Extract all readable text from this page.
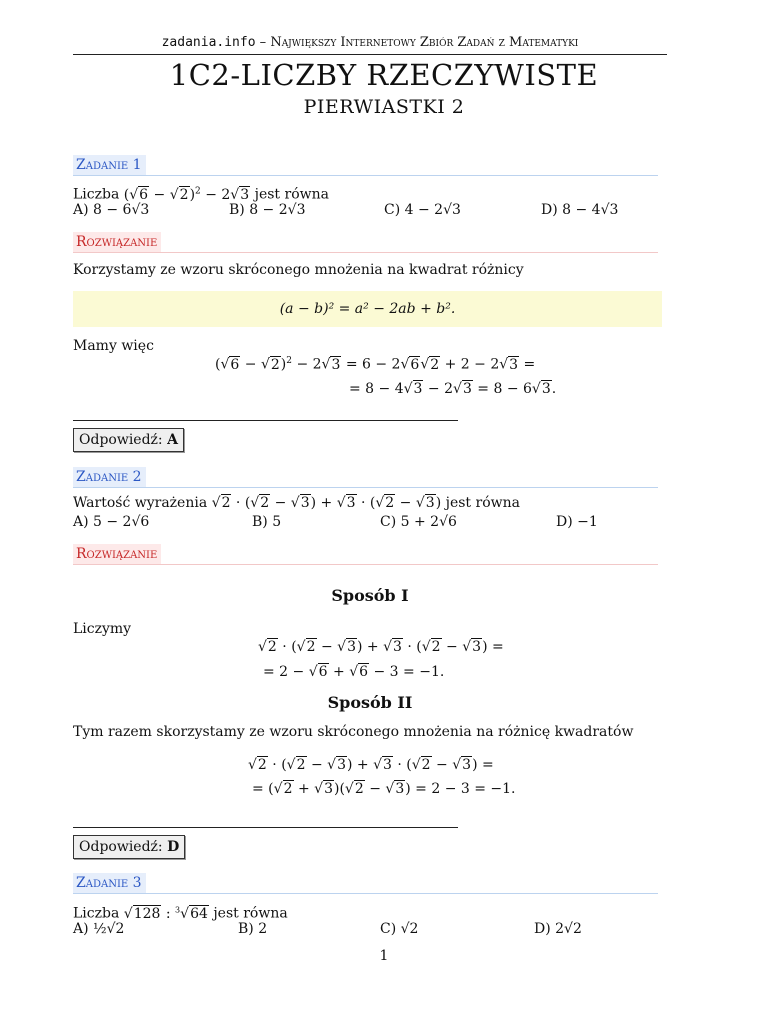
zadania.info – Największy Internetowy Zbiór Zadań z Matematyki
1C2-LICZBY RZECZYWISTE
PIERWIASTKI 2
Zadanie 1
Liczba $(√6 - √2)^2 - 2√3$ jest równa
A) 8 − 6√3	B) 8 − 2√3	C) 4 − 2√3	D) 8 − 4√3
Rozwiązanie
Korzystamy ze wzoru skróconego mnożenia na kwadrat różnicy
(a − b)² = a² − 2ab + b².
Mamy więc
$(√6 - √2)^2 - 2√3 = 6 - 2√6√2 + 2 - 2√3$ =
= 8 − 4√3 − 2√3 = 8 − 6√3.
Odpowiedź: A
Zadanie 2
Wartość wyrażenia √2 · (√2 − √3) + √3 · (√2 − √3) jest równa
A) 5 − 2√6	B) 5	C) 5 + 2√6	D) −1
Rozwiązanie
Sposób I
Liczymy
√2 · (√2 − √3) + √3 · (√2 − √3) =
= 2 − √6 + √6 − 3 = −1.
Sposób II
Tym razem skorzystamy ze wzoru skróconego mnożenia na różnicę kwadratów
√2 · (√2 − √3) + √3 · (√2 − √3) =
= (√2 + √3)(√2 − √3) = 2 − 3 = −1.
Odpowiedź: D
Zadanie 3
Liczba √128 : $^3$√64 jest równa
A) ½√2	B) 2	C) √2	D) 2√2
1
